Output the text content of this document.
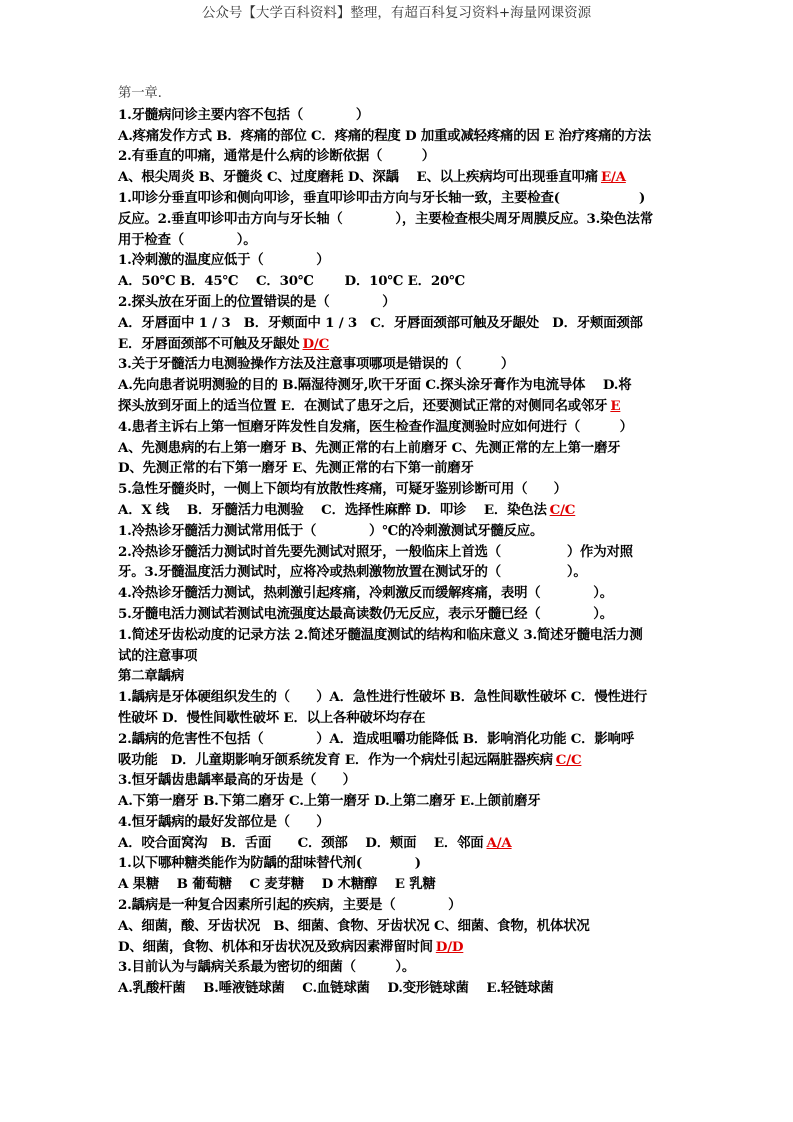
公众号【大学百科资料】整理，有超百科复习资料+海量网课资源
第一章.
1.牙髓病问诊主要内容不包括（　　　　）
A.疼痛发作方式 B．疼痛的部位 C．疼痛的程度 D 加重或减轻疼痛的因 E 治疗疼痛的方法
2.有垂直的叩痛，通常是什么病的诊断依据（　　　）
A、根尖周炎 B、牙髓炎 C、过度磨耗 D、深龋　 E、以上疾病均可出现垂直叩痛 E/A
1.叩诊分垂直叩诊和侧向叩诊，垂直叩诊叩击方向与牙长轴一致，主要检查(　　　　　　)
反应。2.垂直叩诊叩击方向与牙长轴（　　　　），主要检查根尖周牙周膜反应。3.染色法常
用于检查（　　　　）。
1.冷刺激的温度应低于（　　　　）
A．50℃ B．45℃　 C．30℃　　 D．10℃ E．20℃
2.探头放在牙面上的位置错误的是（　　　　）
A．牙唇面中 1 / 3　B．牙颊面中 1 / 3　C．牙唇面颈部可触及牙龈处　D．牙颊面颈部
E．牙唇面颈部不可触及牙龈处 D/C
3.关于牙髓活力电测验操作方法及注意事项哪项是错误的（　　　）
A.先向患者说明测验的目的 B.隔湿待测牙,吹干牙面 C.探头涂牙膏作为电流导体　 D.将
探头放到牙面上的适当位置 E．在测试了患牙之后，还要测试正常的对侧同名或邻牙 E
4.患者主诉右上第一恒磨牙阵发性自发痛，医生检查作温度测验时应如何进行（　　　）
A、先测患病的右上第一磨牙 B、先测正常的右上前磨牙 C、先测正常的左上第一磨牙
D、先测正常的右下第一磨牙 E、先测正常的右下第一前磨牙
5.急性牙髓炎时，一侧上下颌均有放散性疼痛，可疑牙鉴别诊断可用（　　）
A．X 线　 B．牙髓活力电测验　 C．选择性麻醉 D．叩诊　 E．染色法 C/C
1.冷热诊牙髓活力测试常用低于（　　　　）℃的冷刺激测试牙髓反应。
2.冷热诊牙髓活力测试时首先要先测试对照牙，一般临床上首选（　　　　　）作为对照
牙。3.牙髓温度活力测试时，应将冷或热刺激物放置在测试牙的（　　　　　）。
4.冷热诊牙髓活力测试，热刺激引起疼痛，冷刺激反而缓解疼痛，表明（　　　　）。
5.牙髓电活力测试若测试电流强度达最高读数仍无反应，表示牙髓已经（　　　　）。
1.简述牙齿松动度的记录方法 2.简述牙髓温度测试的结构和临床意义 3.简述牙髓电活力测
试的注意事项
第二章龋病
1.龋病是牙体硬组织发生的（　　）A．急性进行性破坏 B．急性间歇性破坏 C．慢性进行
性破坏 D．慢性间歇性破坏 E．以上各种破坏均存在
2.龋病的危害性不包括（　　　　）A．造成咀嚼功能降低 B．影响消化功能 C．影响呼
吸功能　D．儿童期影响牙颌系统发育 E．作为一个病灶引起远隔脏器疾病 C/C
3.恒牙龋齿患龋率最高的牙齿是（　　）
A.下第一磨牙 B.下第二磨牙 C.上第一磨牙 D.上第二磨牙 E.上颌前磨牙
4.恒牙龋病的最好发部位是（　　）
A．咬合面窝沟　B．舌面　　C．颈部　 D．颊面　 E．邻面 A/A
1.以下哪种糖类能作为防龋的甜味替代剂(　　　　)
A 果糖　 B 葡萄糖　 C 麦芽糖　 D 木糖醇　 E 乳糖
2.龋病是一种复合因素所引起的疾病，主要是（　　　　）
A、细菌，酸、牙齿状况　B、细菌、食物、牙齿状况 C、细菌、食物，机体状况
D、细菌，食物、机体和牙齿状况及致病因素滞留时间 D/D
3.目前认为与龋病关系最为密切的细菌（　　　）。
A.乳酸杆菌　 B.唾液链球菌　 C.血链球菌　 D.变形链球菌　 E.轻链球菌
